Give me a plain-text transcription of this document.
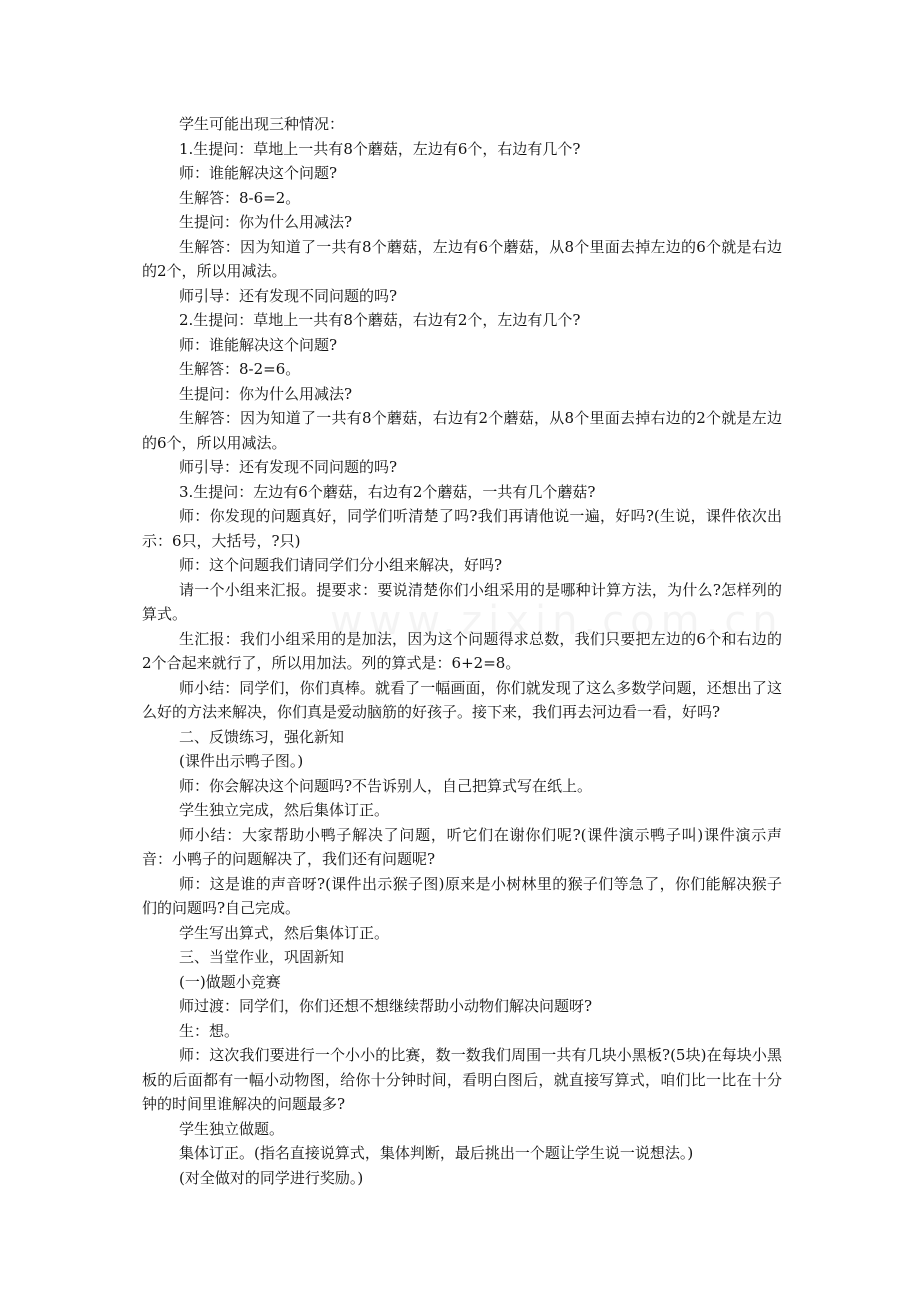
学生可能出现三种情况：

1.生提问：草地上一共有8个蘑菇，左边有6个，右边有几个?

师：谁能解决这个问题?

生解答：8-6=2。

生提问：你为什么用减法?

生解答：因为知道了一共有8个蘑菇，左边有6个蘑菇，从8个里面去掉左边的6个就是右边的2个，所以用减法。

师引导：还有发现不同问题的吗?

2.生提问：草地上一共有8个蘑菇，右边有2个，左边有几个?

师：谁能解决这个问题?

生解答：8-2=6。

生提问：你为什么用减法?

生解答：因为知道了一共有8个蘑菇，右边有2个蘑菇，从8个里面去掉右边的2个就是左边的6个，所以用减法。

师引导：还有发现不同问题的吗?

3.生提问：左边有6个蘑菇，右边有2个蘑菇，一共有几个蘑菇?

师：你发现的问题真好，同学们听清楚了吗?我们再请他说一遍，好吗?(生说，课件依次出示：6只，大括号，?只)

师：这个问题我们请同学们分小组来解决，好吗?

请一个小组来汇报。提要求：要说清楚你们小组采用的是哪种计算方法，为什么?怎样列的算式。

生汇报：我们小组采用的是加法，因为这个问题得求总数，我们只要把左边的6个和右边的2个合起来就行了，所以用加法。列的算式是：6+2=8。

师小结：同学们，你们真棒。就看了一幅画面，你们就发现了这么多数学问题，还想出了这么好的方法来解决，你们真是爱动脑筋的好孩子。接下来，我们再去河边看一看，好吗?

二、反馈练习，强化新知

(课件出示鸭子图。)

师：你会解决这个问题吗?不告诉别人，自己把算式写在纸上。

学生独立完成，然后集体订正。

师小结：大家帮助小鸭子解决了问题，听它们在谢你们呢?(课件演示鸭子叫)课件演示声音：小鸭子的问题解决了，我们还有问题呢?

师：这是谁的声音呀?(课件出示猴子图)原来是小树林里的猴子们等急了，你们能解决猴子们的问题吗?自己完成。

学生写出算式，然后集体订正。

三、当堂作业，巩固新知

(一)做题小竞赛

师过渡：同学们，你们还想不想继续帮助小动物们解决问题呀?

生：想。

师：这次我们要进行一个小小的比赛，数一数我们周围一共有几块小黑板?(5块)在每块小黑板的后面都有一幅小动物图，给你十分钟时间，看明白图后，就直接写算式，咱们比一比在十分钟的时间里谁解决的问题最多?

学生独立做题。

集体订正。(指名直接说算式，集体判断，最后挑出一个题让学生说一说想法。)

(对全做对的同学进行奖励。)
